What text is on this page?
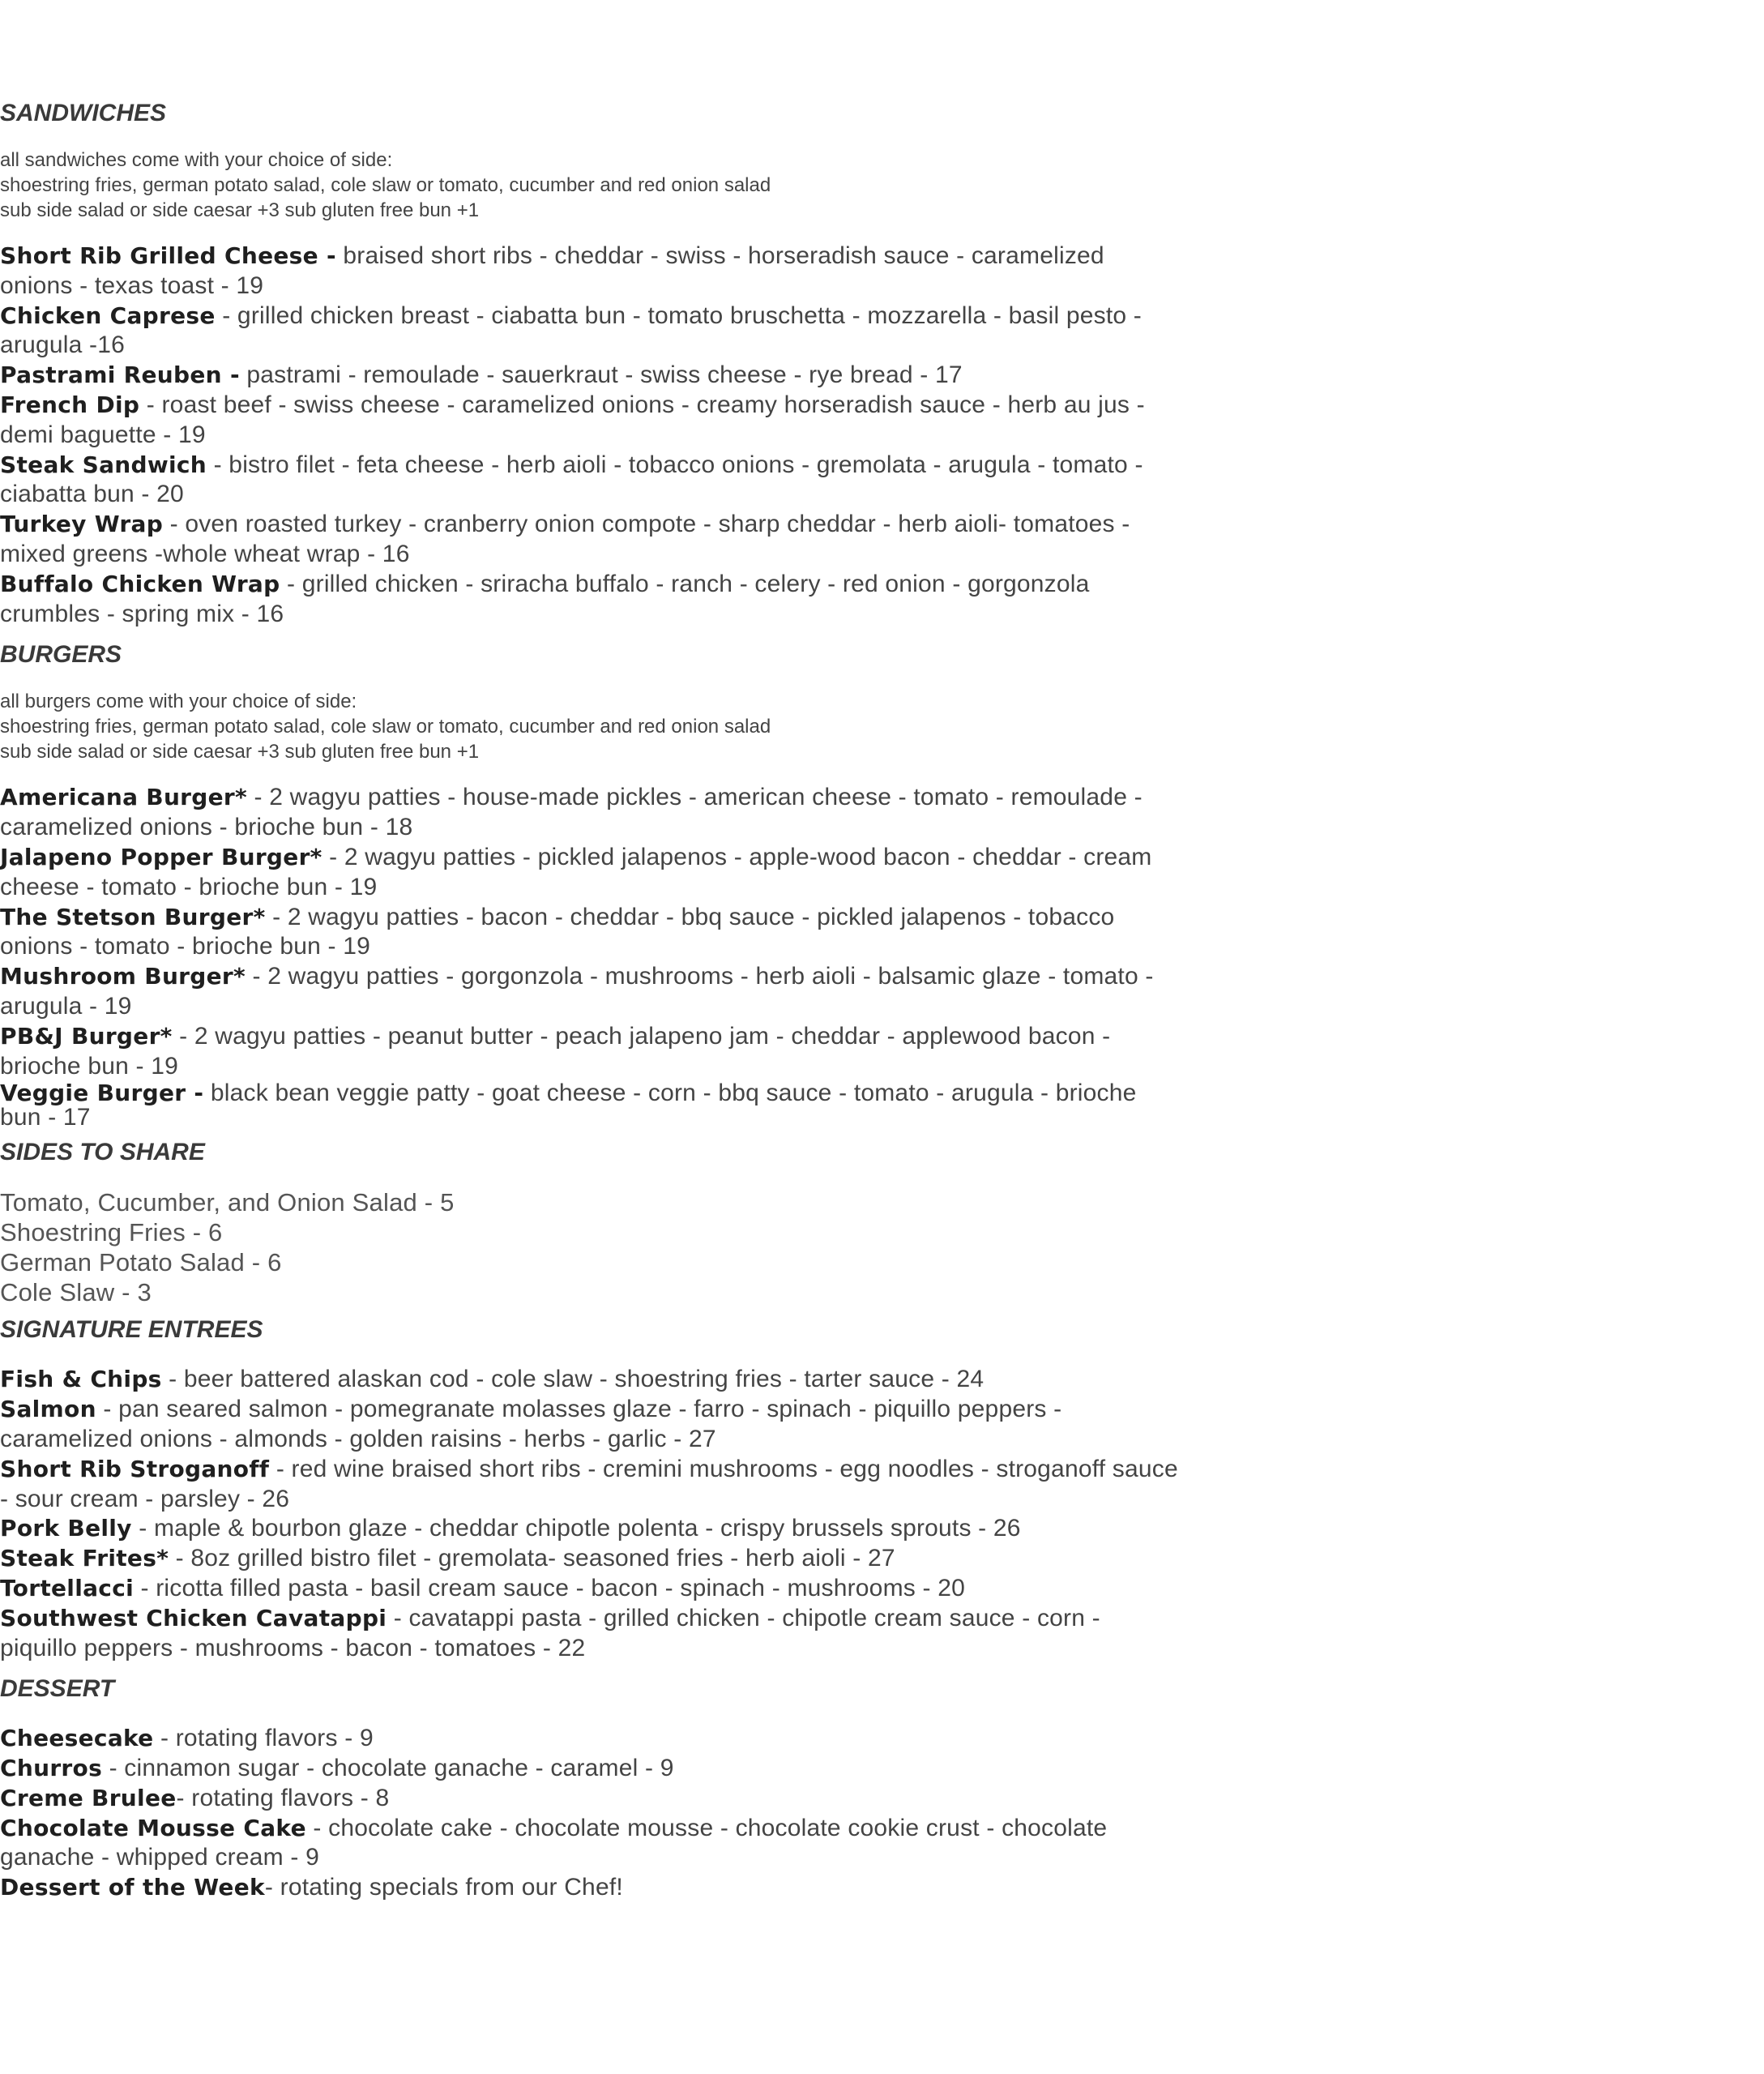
SANDWICHES
all sandwiches come with your choice of side:
shoestring fries, german potato salad, cole slaw or tomato, cucumber and red onion salad
sub side salad or side caesar +3 sub gluten free bun +1
Short Rib Grilled Cheese - braised short ribs - cheddar - swiss - horseradish sauce - caramelized onions - texas toast - 19
Chicken Caprese - grilled chicken breast - ciabatta bun - tomato bruschetta - mozzarella - basil pesto - arugula -16
Pastrami Reuben - pastrami - remoulade - sauerkraut - swiss cheese - rye bread - 17
French Dip - roast beef - swiss cheese - caramelized onions - creamy horseradish sauce - herb au jus - demi baguette - 19
Steak Sandwich - bistro filet - feta cheese - herb aioli - tobacco onions - gremolata - arugula - tomato - ciabatta bun - 20
Turkey Wrap - oven roasted turkey - cranberry onion compote - sharp cheddar - herb aioli- tomatoes - mixed greens -whole wheat wrap - 16
Buffalo Chicken Wrap - grilled chicken - sriracha buffalo - ranch - celery - red onion - gorgonzola crumbles - spring mix - 16
BURGERS
all burgers come with your choice of side:
shoestring fries, german potato salad, cole slaw or tomato, cucumber and red onion salad
sub side salad or side caesar +3 sub gluten free bun +1
Americana Burger* - 2 wagyu patties - house-made pickles - american cheese - tomato - remoulade - caramelized onions - brioche bun - 18
Jalapeno Popper Burger* - 2 wagyu patties - pickled jalapenos - apple-wood bacon - cheddar - cream cheese - tomato - brioche bun - 19
The Stetson Burger* - 2 wagyu patties - bacon - cheddar - bbq sauce - pickled jalapenos - tobacco onions - tomato - brioche bun - 19
Mushroom Burger* - 2 wagyu patties - gorgonzola - mushrooms - herb aioli - balsamic glaze - tomato - arugula - 19
PB&J Burger* - 2 wagyu patties - peanut butter - peach jalapeno jam - cheddar - applewood bacon - brioche bun - 19
Veggie Burger - black bean veggie patty - goat cheese - corn - bbq sauce - tomato - arugula - brioche bun - 17
SIDES TO SHARE
Tomato, Cucumber, and Onion Salad - 5
Shoestring Fries - 6
German Potato Salad - 6
Cole Slaw - 3
SIGNATURE ENTREES
Fish & Chips - beer battered alaskan cod - cole slaw - shoestring fries - tarter sauce - 24
Salmon - pan seared salmon - pomegranate molasses glaze - farro - spinach - piquillo peppers - caramelized onions - almonds - golden raisins - herbs - garlic - 27
Short Rib Stroganoff - red wine braised short ribs - cremini mushrooms - egg noodles - stroganoff sauce - sour cream - parsley - 26
Pork Belly - maple & bourbon glaze - cheddar chipotle polenta - crispy brussels sprouts - 26
Steak Frites* - 8oz grilled bistro filet - gremolata- seasoned fries - herb aioli - 27
Tortellacci - ricotta filled pasta - basil cream sauce - bacon - spinach - mushrooms - 20
Southwest Chicken Cavatappi - cavatappi pasta - grilled chicken - chipotle cream sauce - corn - piquillo peppers - mushrooms - bacon - tomatoes - 22
DESSERT
Cheesecake - rotating flavors - 9
Churros - cinnamon sugar - chocolate ganache - caramel - 9
Creme Brulee- rotating flavors - 8
Chocolate Mousse Cake - chocolate cake - chocolate mousse - chocolate cookie crust - chocolate ganache - whipped cream - 9
Dessert of the Week- rotating specials from our Chef!
